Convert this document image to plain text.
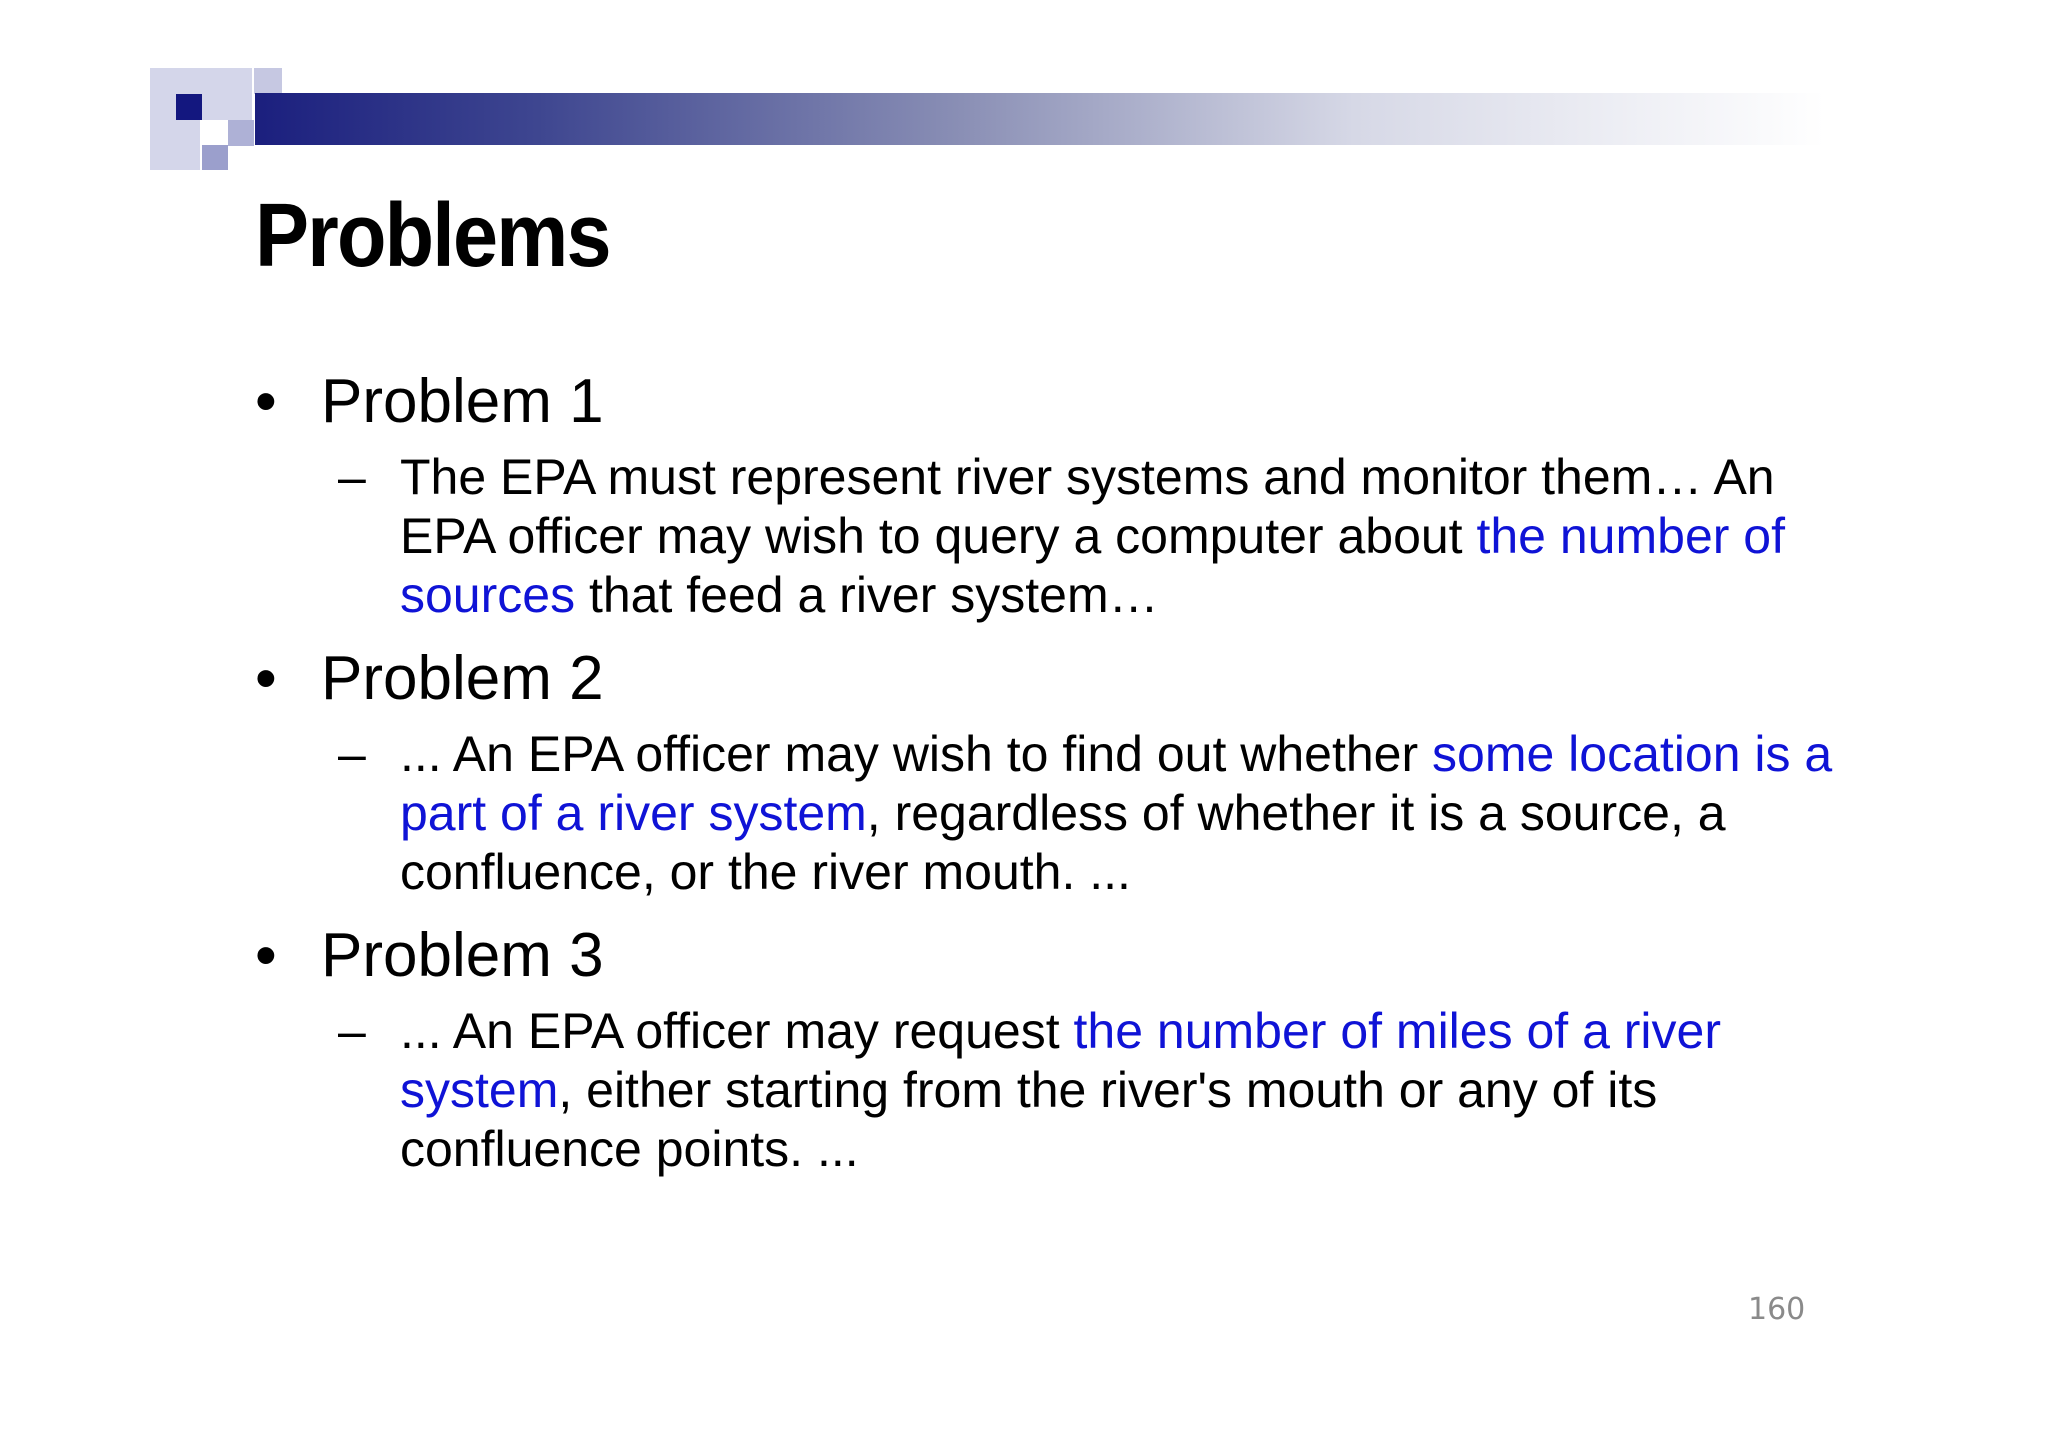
Problems
• Problem 1
– The EPA must represent river systems and monitor them… An EPA officer may wish to query a computer about the number of sources that feed a river system…
• Problem 2
– ... An EPA officer may wish to find out whether some location is a part of a river system, regardless of whether it is a source, a confluence, or the river mouth. ...
• Problem 3
– ... An EPA officer may request the number of miles of a river system, either starting from the river's mouth or any of its confluence points. ...
160
